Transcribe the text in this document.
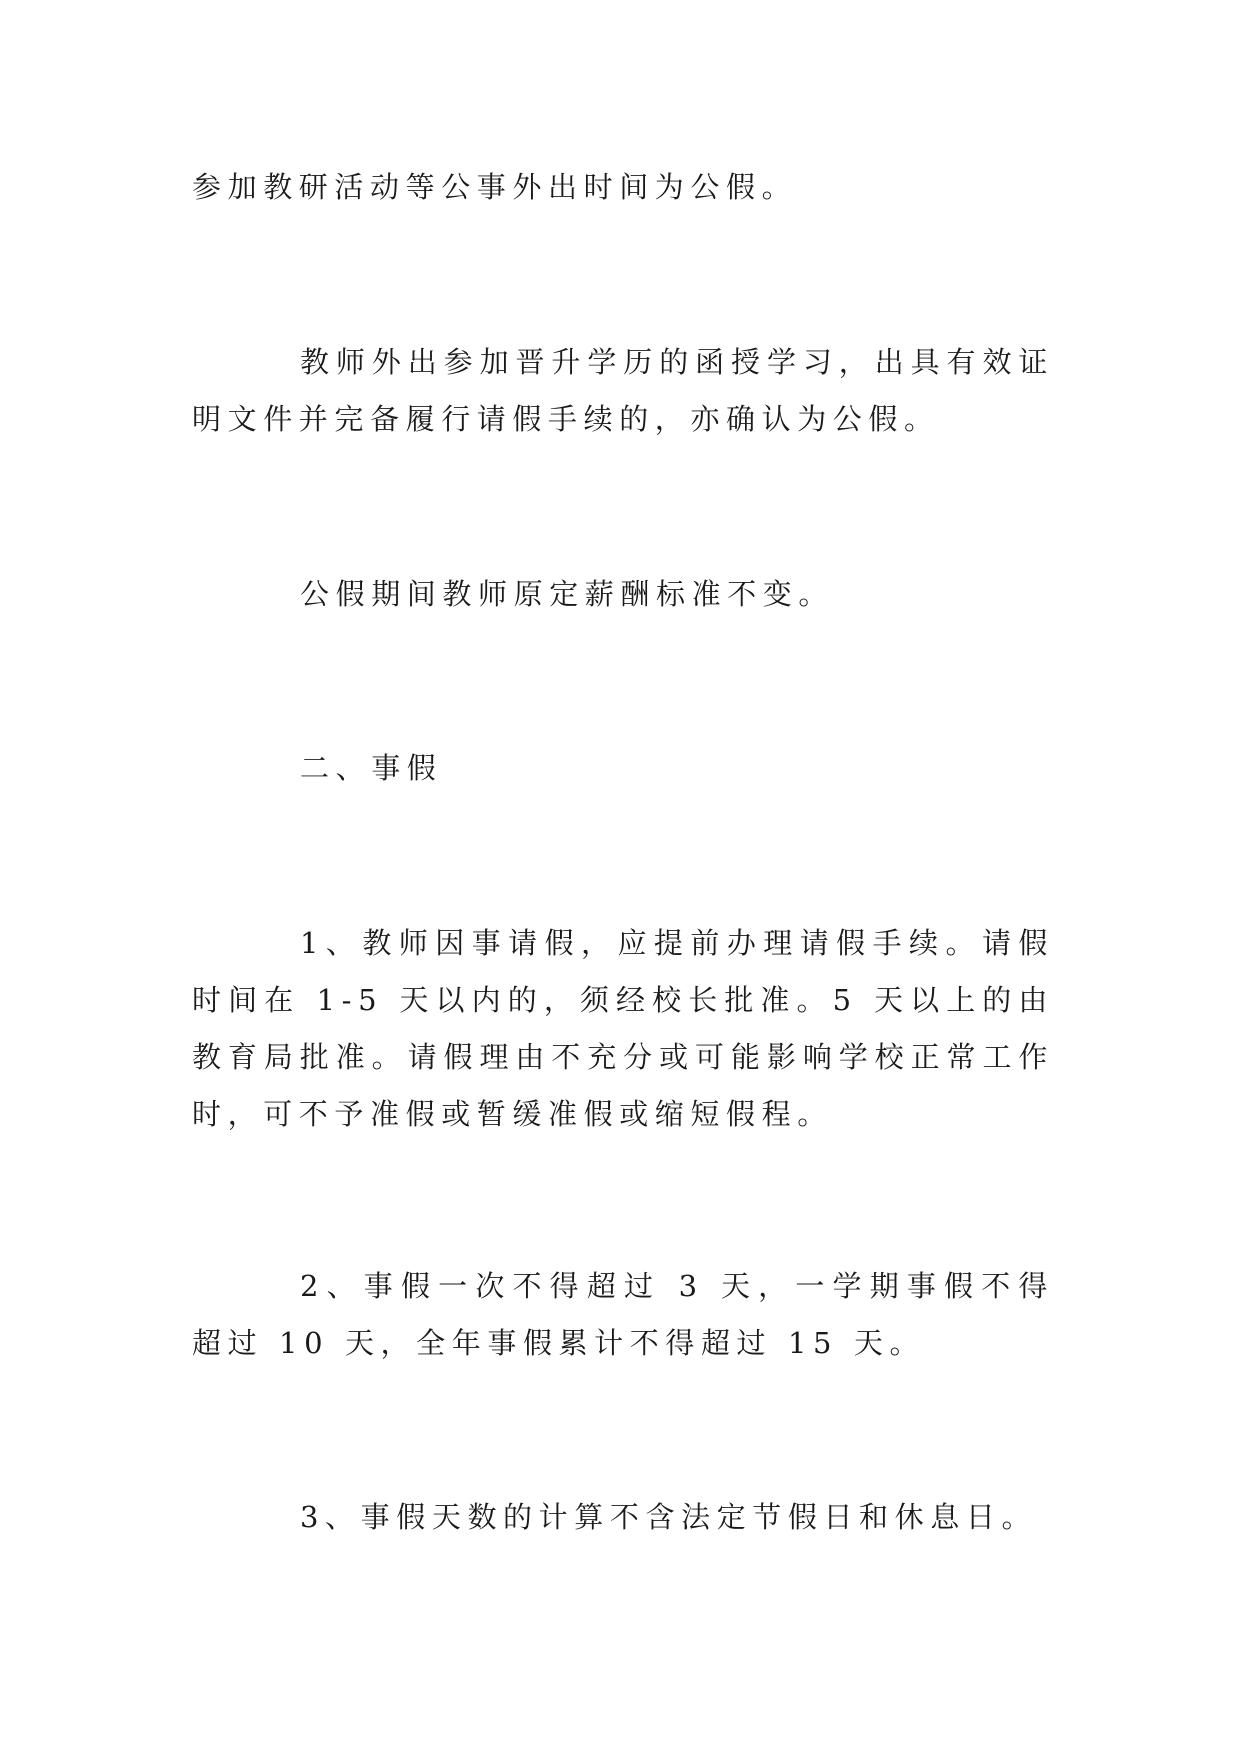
参加教研活动等公事外出时间为公假。

教师外出参加晋升学历的函授学习，出具有效证明文件并完备履行请假手续的，亦确认为公假。

公假期间教师原定薪酬标准不变。

二、事假

1、教师因事请假，应提前办理请假手续。请假时间在 1-5 天以内的，须经校长批准。5 天以上的由教育局批准。请假理由不充分或可能影响学校正常工作时，可不予准假或暂缓准假或缩短假程。

2、事假一次不得超过 3 天，一学期事假不得超过 10 天，全年事假累计不得超过 15 天。

3、事假天数的计算不含法定节假日和休息日。
